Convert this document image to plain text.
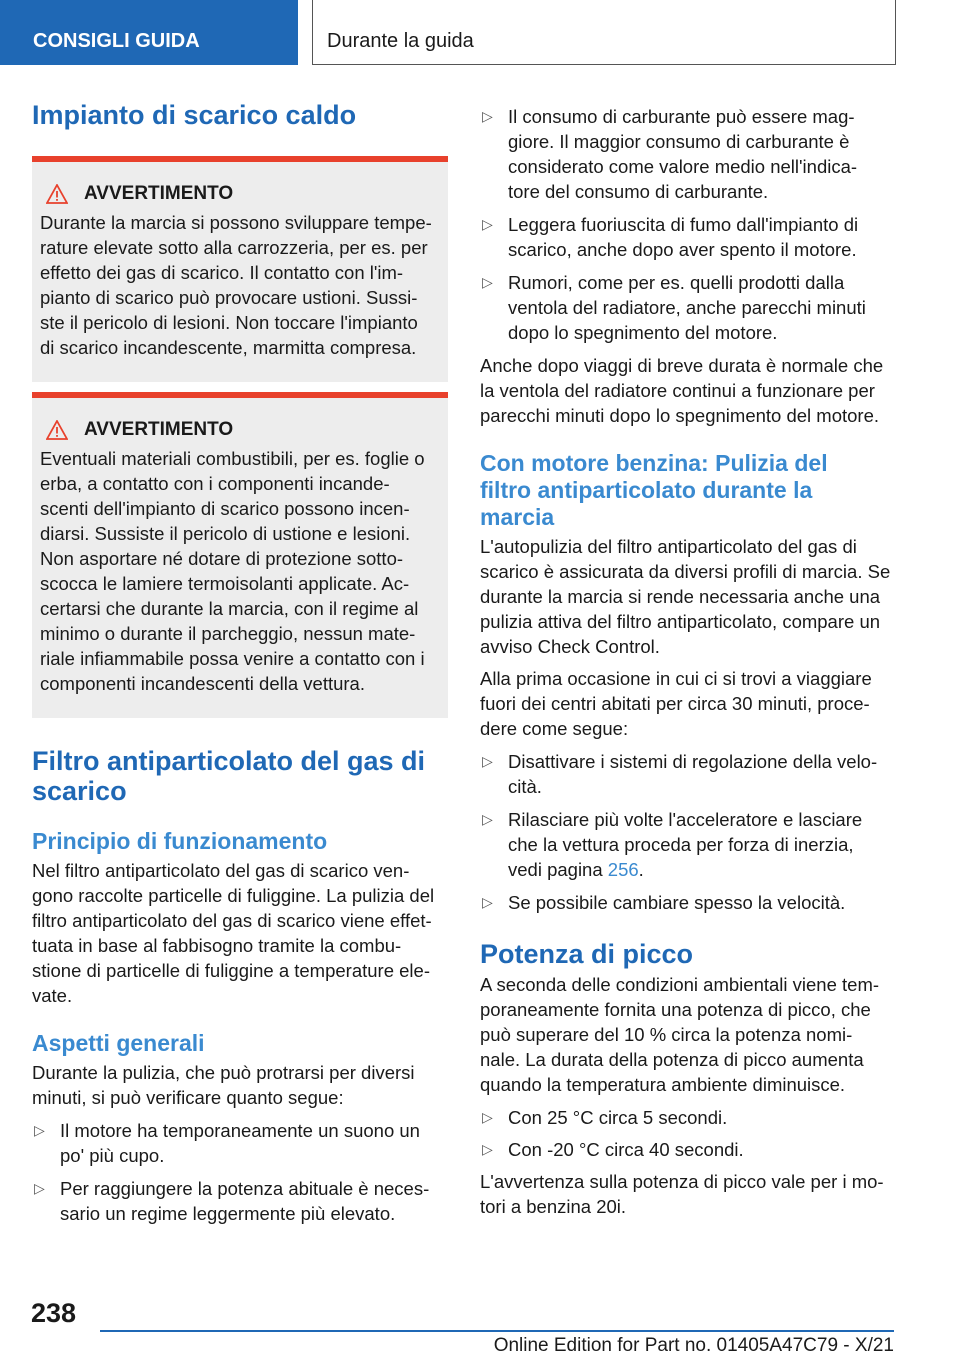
CONSIGLI GUIDA	Durante la guida
Impianto di scarico caldo
AVVERTIMENTO

Durante la marcia si possono sviluppare tempe-
rature elevate sotto alla carrozzeria, per es. per
effetto dei gas di scarico. Il contatto con l'im-
pianto di scarico può provocare ustioni. Sussi-
ste il pericolo di lesioni. Non toccare l'impianto
di scarico incandescente, marmitta compresa.

AVVERTIMENTO

Eventuali materiali combustibili, per es. foglie o
erba, a contatto con i componenti incande-
scenti dell'impianto di scarico possono incen-
diarsi. Sussiste il pericolo di ustione e lesioni.
Non asportare né dotare di protezione sotto-
scocca le lamiere termoisolanti applicate. Ac-
certarsi che durante la marcia, con il regime al
minimo o durante il parcheggio, nessun mate-
riale infiammabile possa venire a contatto con i
componenti incandescenti della vettura.

Filtro antiparticolato del gas di
scarico
Principio di funzionamento

Nel filtro antiparticolato del gas di scarico ven-
gono raccolte particelle di fuliggine. La pulizia del
filtro antiparticolato del gas di scarico viene effet-
tuata in base al fabbisogno tramite la combu-
stione di particelle di fuliggine a temperature ele-
vate.

Aspetti generali

Durante la pulizia, che può protrarsi per diversi
minuti, si può verificare quanto segue:

▷ Il motore ha temporaneamente un suono un
po' più cupo.
▷ Per raggiungere la potenza abituale è neces-
sario un regime leggermente più elevato.
▷ Il consumo di carburante può essere mag-
giore. Il maggior consumo di carburante è
considerato come valore medio nell'indica-
tore del consumo di carburante.
▷ Leggera fuoriuscita di fumo dall'impianto di
scarico, anche dopo aver spento il motore.
▷ Rumori, come per es. quelli prodotti dalla
ventola del radiatore, anche parecchi minuti
dopo lo spegnimento del motore.

Anche dopo viaggi di breve durata è normale che
la ventola del radiatore continui a funzionare per
parecchi minuti dopo lo spegnimento del motore.

Con motore benzina: Pulizia del
filtro antiparticolato durante la
marcia

L'autopulizia del filtro antiparticolato del gas di
scarico è assicurata da diversi profili di marcia. Se
durante la marcia si rende necessaria anche una
pulizia attiva del filtro antiparticolato, compare un
avviso Check Control.

Alla prima occasione in cui ci si trovi a viaggiare
fuori dei centri abitati per circa 30 minuti, proce-
dere come segue:

▷ Disattivare i sistemi di regolazione della velo-
cità.
▷ Rilasciare più volte l'acceleratore e lasciare
che la vettura proceda per forza di inerzia,
vedi pagina 256.
▷ Se possibile cambiare spesso la velocità.
Potenza di picco

A seconda delle condizioni ambientali viene tem-
poraneamente fornita una potenza di picco, che
può superare del 10 % circa la potenza nomi-
nale. La durata della potenza di picco aumenta
quando la temperatura ambiente diminuisce.

▷ Con 25 °C circa 5 secondi.
▷ Con -20 °C circa 40 secondi.

L'avvertenza sulla potenza di picco vale per i mo-
tori a benzina 20i.

238
Online Edition for Part no. 01405A47C79 - X/21
